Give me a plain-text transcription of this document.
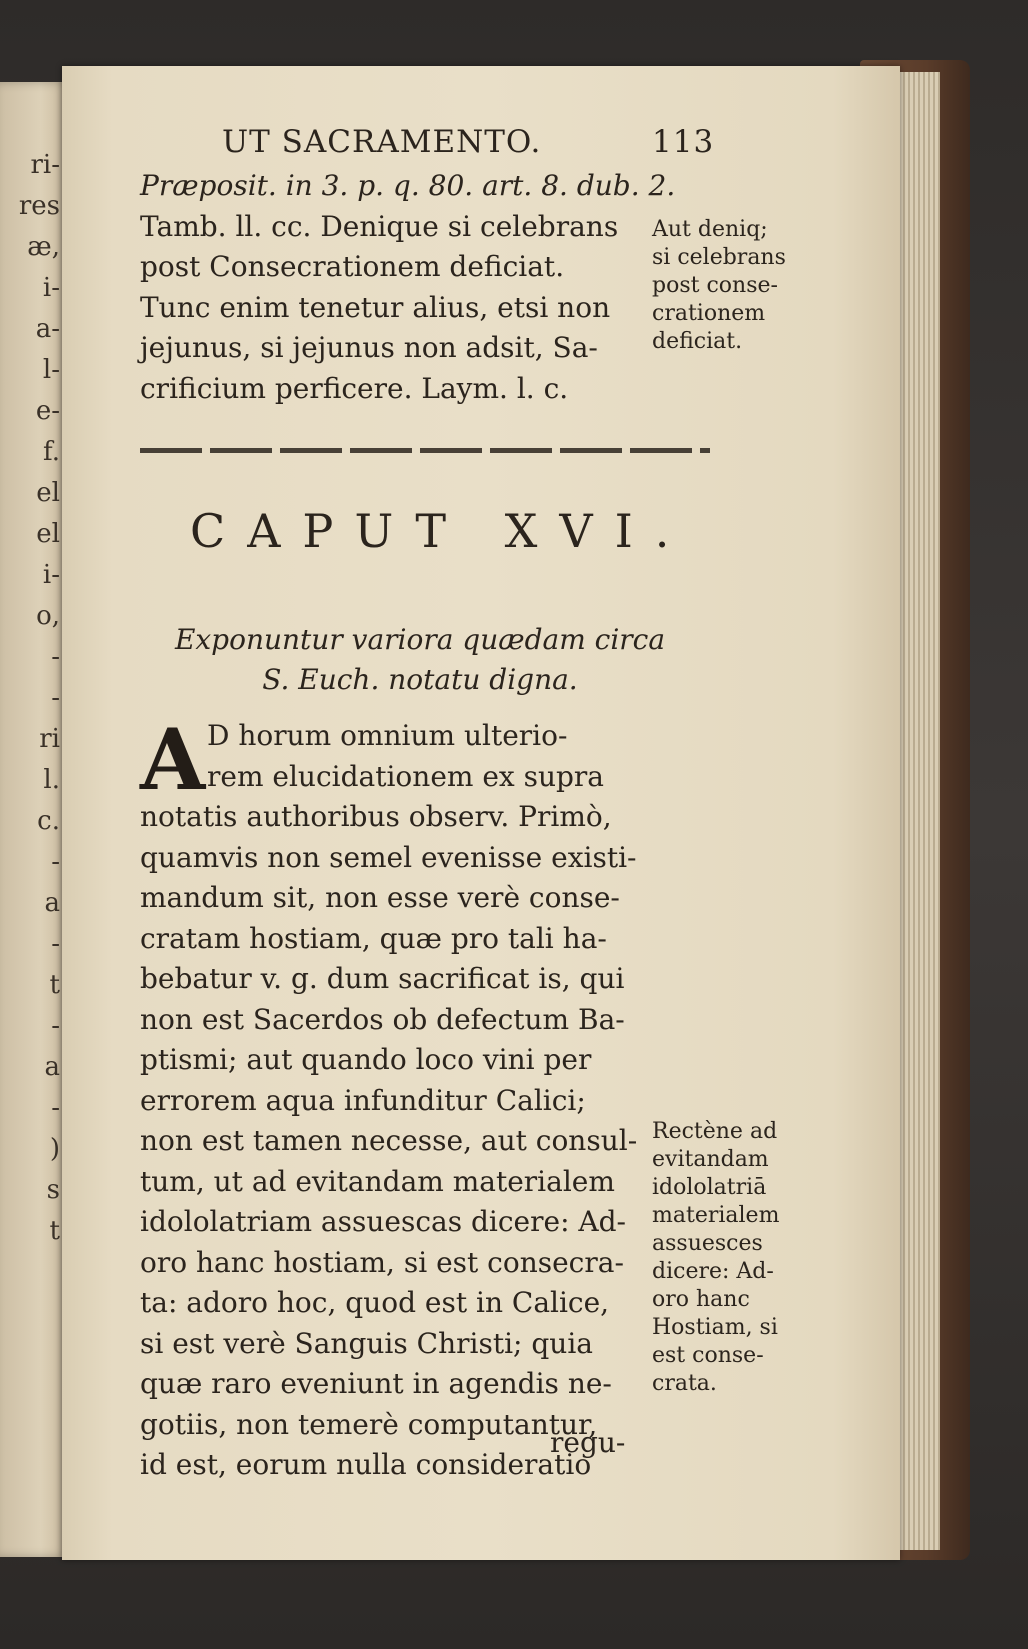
ri-
res
æ,
i-
a-
l-
e-
f.
el
el
i-
o,
-
-
ri
l.
c.
-
a
-
t
-
a
-
)
s
t
UT SACRAMENTO.	113
Præposit. in 3. p. q. 80. art. 8. dub. 2.
Tamb. ll. cc. Denique si celebrans
post Consecrationem deficiat.
Tunc enim tenetur alius, etsi non
jejunus, si jejunus non adsit, Sa-
crificium perficere. Laym. l. c.
Aut deniq;
si celebrans
post conse-
crationem
deficiat.
CAPUT XVI.
Exponuntur variora quædam circa
S. Euch. notatu digna.
A D horum omnium ulterio-
rem elucidationem ex supra
notatis authoribus observ. Primò,
quamvis non semel evenisse existi-
mandum sit, non esse verè conse-
cratam hostiam, quæ pro tali ha-
bebatur v. g. dum sacrificat is, qui
non est Sacerdos ob defectum Ba-
ptismi; aut quando loco vini per
errorem aqua infunditur Calici;
non est tamen necesse, aut consul-
tum, ut ad evitandam materialem
idololatriam assuescas dicere: Ad-
oro hanc hostiam, si est consecra-
ta: adoro hoc, quod est in Calice,
si est verè Sanguis Christi; quia
quæ raro eveniunt in agendis ne-
gotiis, non temerè computantur,
id est, eorum nulla consideratio
Rectène ad
evitandam
idololatriā
materialem
assuesces
dicere: Ad-
oro hanc
Hostiam, si
est conse-
crata.
regu-
